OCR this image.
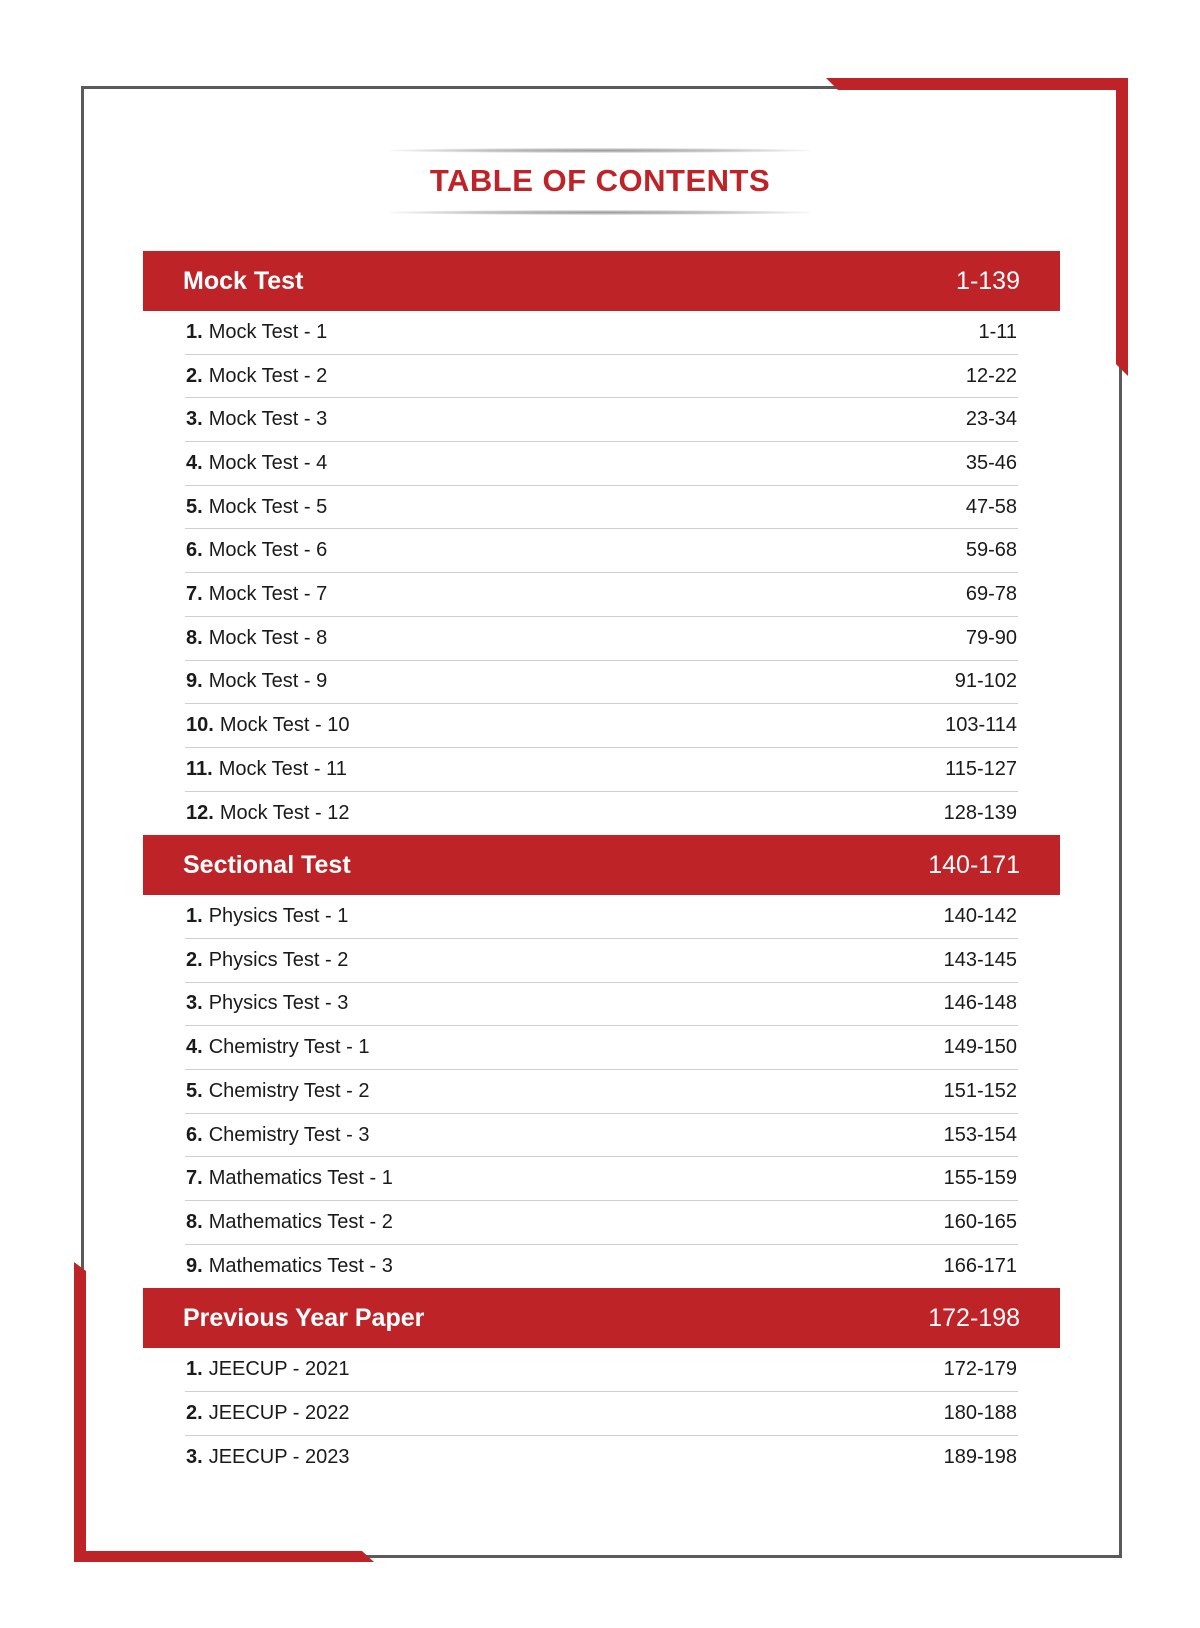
TABLE OF CONTENTS
Mock Test	1-139
1. Mock Test - 1	1-11
2. Mock Test - 2	12-22
3. Mock Test - 3	23-34
4. Mock Test - 4	35-46
5. Mock Test - 5	47-58
6. Mock Test - 6	59-68
7. Mock Test - 7	69-78
8. Mock Test - 8	79-90
9. Mock Test - 9	91-102
10. Mock Test - 10	103-114
11. Mock Test - 11	115-127
12. Mock Test - 12	128-139
Sectional Test	140-171
1. Physics Test - 1	140-142
2. Physics Test - 2	143-145
3. Physics Test - 3	146-148
4. Chemistry Test - 1	149-150
5. Chemistry Test - 2	151-152
6. Chemistry Test - 3	153-154
7. Mathematics Test - 1	155-159
8. Mathematics Test - 2	160-165
9. Mathematics Test - 3	166-171
Previous Year Paper	172-198
1. JEECUP - 2021	172-179
2. JEECUP - 2022	180-188
3. JEECUP - 2023	189-198
